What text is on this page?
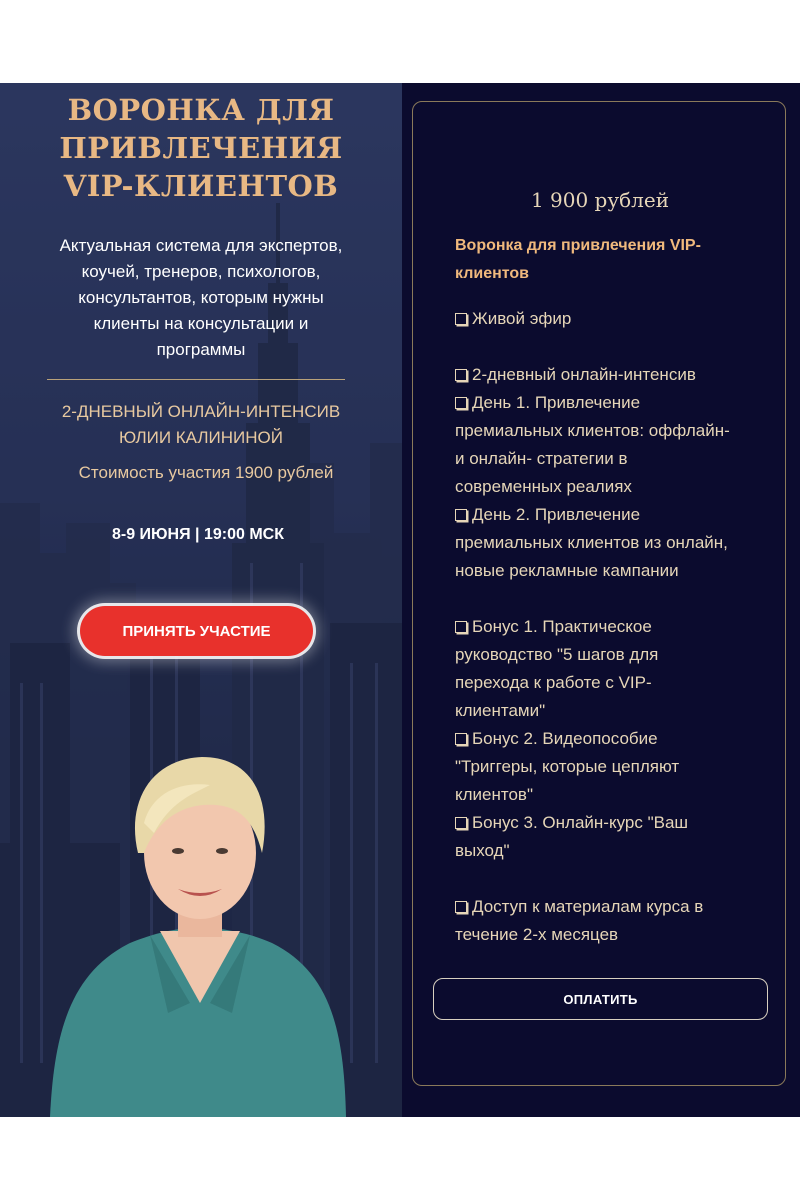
ВОРОНКА ДЛЯ
ПРИВЛЕЧЕНИЯ
VIP-КЛИЕНТОВ
Актуальная система для экспертов,
коучей, тренеров, психологов,
консультантов, которым нужны
клиенты на консультации и
программы
2-ДНЕВНЫЙ ОНЛАЙН-ИНТЕНСИВ
ЮЛИИ КАЛИНИНОЙ
Стоимость участия 1900 рублей
8-9 ИЮНЯ | 19:00 МСК
ПРИНЯТЬ УЧАСТИЕ
1 900 рублей
Воронка для привлечения VIP-
клиентов
Живой эфир
2-дневный онлайн-интенсив
День 1. Привлечение
премиальных клиентов: оффлайн-
и онлайн- стратегии в
современных реалиях
День 2. Привлечение
премиальных клиентов из онлайн,
новые рекламные кампании
Бонус 1. Практическое
руководство "5 шагов для
перехода к работе с VIP-
клиентами"
Бонус 2. Видеопособие
"Триггеры, которые цепляют
клиентов"
Бонус 3. Онлайн-курс "Ваш
выход"
Доступ к материалам курса в
течение 2-х месяцев
ОПЛАТИТЬ
